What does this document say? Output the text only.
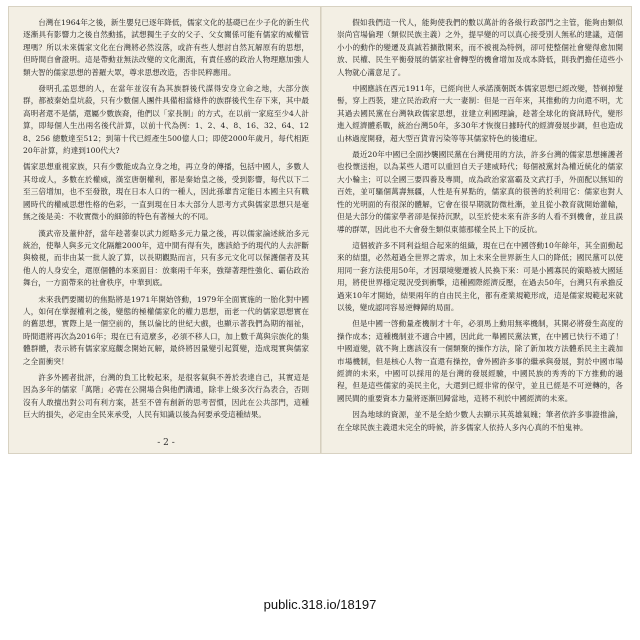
台灣在1964年之後，新生嬰兒已逐年降低，儒家文化的基礎已在少子化的新生代逐漸具有影響力之後自然動搖，試想獨生子女的父子、父女關係可能有儒家的威權管理嗎？所以未來儒家文化在台灣將必然沒落，或許有些人想討自然瓦解原有的思想，但時間自會證明。這是帶動並無法改變的文化潮流，有責任感的政治人物理應加強人類大智的儒家思想的普羅大眾，尊求思想改造，否非民粹應用。

發明孔孟思想的人，在當年並沒有為其族群後代謀得安身立命之地，大部分族群，都被秦始皇坑殺，只有少數個人團件具備相當條件的族群後代生存下來，其中最高明者還不是儒，還屬少數族裔，他們以「家長制」的方式，在以前一家庭至少4人計算，即每個人生出兩名後代計算，以前十代為例：1、2、4、8、16、32、64、128、256 總數達至512；到第十代已經產生500億人口；即使2000年歲月，每代相距20年計算，約達到100代大?

儒家思想重視家族，只有少數能成為立身之地，再立身的傳播，包括中國人，多數人其母或人，多數在於權威，漢室唐朝權利，都是秦始皇之後，受到影響，每代以下二至三倍增加，也不至發散，現在日本人口的一種人，因此孫輩肯定能日本國主只有戰國時代的權威思想性格的色彩，一直到現在日本大部分人思考方式與儒家思想只是毫無之後是美：不收實微小的細節的特色有著極大的不同。

漢武帝及董仲舒，當年趁著秦以武力經略多元力量之後，再以儒家論述統治多元統治，使舉人與多元文化隔離2000年，這中間有得有失，應該給予的現代的人去評斷與檢視，而非由某一批人說了算，以長期觀點而言，只有多元文化可以保護個者及其他人的人身安全，還原個體的本來面目：放棄兩千年來，強辯著理性強化、霸佔政治舞台，一方面帶來的社會秩序，中華到底。

未來我們要關切的焦點將是1971年開始啓動，1979年全面實施的一胎化對中國人，如何在掌握權利之後，變態的極權儒家化的權力思想，而老一代的儒家思想實在的舊思想，實際上是一個空前的，無以倫比的世紀大戲，也顯示著我們為期的福祉，時間還將再次為2016年；現在已有這麼多，必須不移人口，加上數千萬與宗族化的集體群體，表示將有儒家家庭觀念開始瓦解，最終將因量變引起質變，造成現實與儒家之全面衝突！

許多外國者批評，台灣的負工比較起來，是很客氣與不善於表達自己，其實這是因為多年的儒家「萬階」必需在公開場合與他們溝通，除非上級多次行為表合，否則沒有人敢擅出對公司有利方案，甚至不曾有創新的思考習慣，因此在公共部門，這種巨大的損失，必定由全民來承受，人民有知識以後為何要承受這種結果。

- 2 -

假如我們這一代人，能夠使我們的數以萬計的各級行政部門之主管，能夠由類似崇尚官場倫理（類似民族主義）之外，提早變的可以真心接受別人無私的建議，這個小小的動作的變遷及真誠若擴散開來，而不被視為特例，卻可使整個社會變得愈加開放、民權、民生平衡發展的儒家社會轉型的機會增加及成本降低，則我們擔任這些小人物就心滿意足了。

中國應該在西元1911年，已經向世人承諾漢朝既本儒家思想已經改變，替剃掉髮髻，穿上西裝，建立民治政府一大一妻制：但是一百年來，其推動的力向還不明，尤其過去國民黨在台灣執政儒家思想，並建立利國理論，趁著全球化的資訊時代，變形進入經濟體系戰，統治台灣50年，多30年才恢復日據時代的經濟發展步調，但也造成山林過度開發，超大型百貨青污染等等其儒家特色的後遺症。

最近20年中國已全面抄襲國民黨在台灣使用的方法，許多台灣的儒家思想擁護者也投懷送抱，以為某些人還可以重回自天子建威時代；每個被黨封為權近統化的儒家大小輪主；可以全國三要四養及專間，成為政治家富霸及文武打手，外面配以無知的百姓，並可驅個萬壽無疆，人性是有昇點的，儒家真的很善的於利用它：儒家也對人性的光明面的有很深的體解，它會在很早期就防微杜漸，並且從小教育就開始灌輸，但是大部分的儒家學者卻是保持沉默，以至於使未來有許多的人看不到機會，並且誤導的群眾，因此也不大會發生類似東德那樣全民上下的反抗。

這個被許多不同利益組合起來的組織，現在已在中國啓動10年餘年，其全面動起來的結盟，必然超過全世界之需求，加上未來全世界新生人口的降低；國民黨可以使用同一套方法使用50年，才因環境變遷被人民換下來：可是小國寡民的策略被大國延用，將使世界穩定現況受到衝擊，這種國際經濟反壓，在過去50年，台灣只有承擔反過來10年才開始，結果兩年的自由民主化，都有產業規範形成，這是儒家規範起來就以後，變成認同容易逆轉歸的局面。

但是中國一啓動量產機制才十年，必須馬上動用無率機制，其開必將發生高度的操作成本；這種機制並不適合中國，因此此一舉國民黨法實，在中國已快行不通了！中國道變，就不夠上應該沒有一個類聚的操作方法，除了新加坡方法體系民主主義加市場機制，但是核心人物一直還有操控，會外國許多事的繼承與發展，對於中國市場經濟的未來，中國可以採用的是台灣的發展經驗，中國民族的秀秀的下方推動的過程，但是這些儒家的美民主化，大還到已經非常的保守，並且已經是不可逆轉的，各國民間的重要資本力量將逐漸回歸當地，這將不利於中國經濟的未來。

因為地球的資源，並不是全給少數人去顯示其英雄氣魄；筆者依許多事證推論，在全球民族主義還未完全的時候，許多儒家人依持人多內心真的不怕鬼神。

public.318.io/18197
